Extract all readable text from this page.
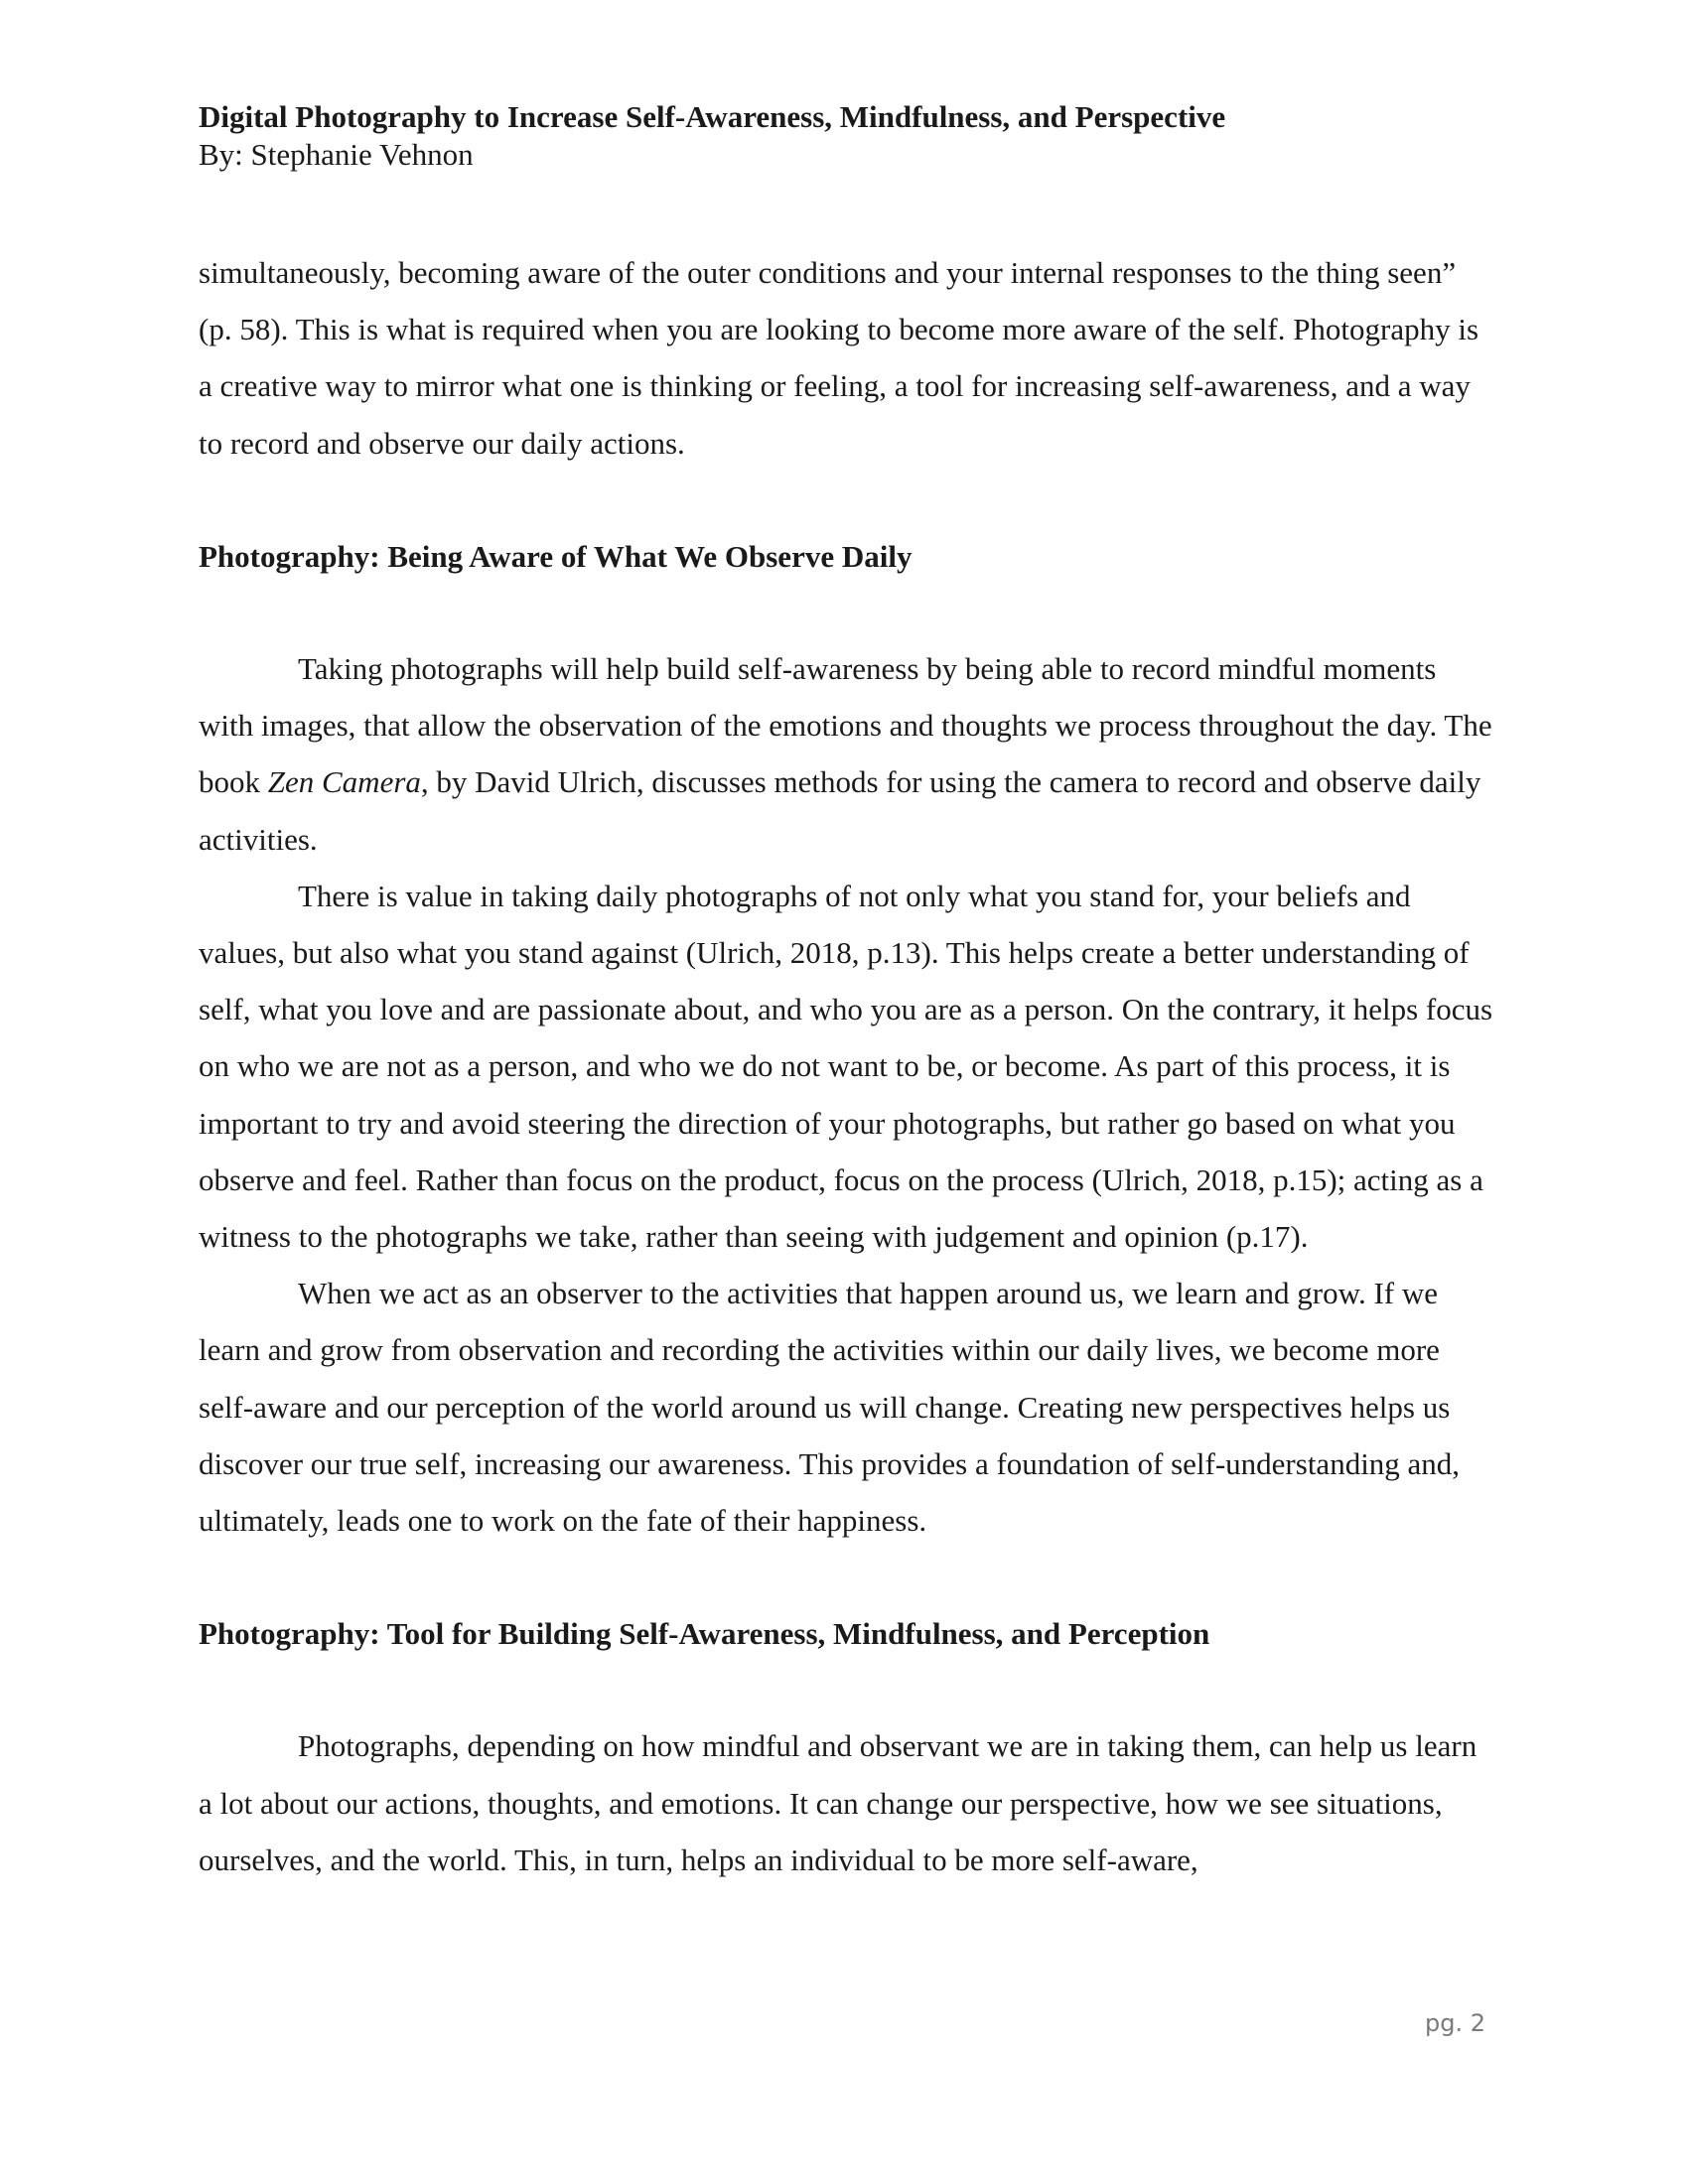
Digital Photography to Increase Self-Awareness, Mindfulness, and Perspective

By: Stephanie Vehnon

simultaneously, becoming aware of the outer conditions and your internal responses to the thing seen” (p. 58). This is what is required when you are looking to become more aware of the self. Photography is a creative way to mirror what one is thinking or feeling, a tool for increasing self-awareness, and a way to record and observe our daily actions.

Photography: Being Aware of What We Observe Daily

Taking photographs will help build self-awareness by being able to record mindful moments with images, that allow the observation of the emotions and thoughts we process throughout the day. The book Zen Camera, by David Ulrich, discusses methods for using the camera to record and observe daily activities.

There is value in taking daily photographs of not only what you stand for, your beliefs and values, but also what you stand against (Ulrich, 2018, p.13). This helps create a better understanding of self, what you love and are passionate about, and who you are as a person. On the contrary, it helps focus on who we are not as a person, and who we do not want to be, or become. As part of this process, it is important to try and avoid steering the direction of your photographs, but rather go based on what you observe and feel. Rather than focus on the product, focus on the process (Ulrich, 2018, p.15); acting as a witness to the photographs we take, rather than seeing with judgement and opinion (p.17).

When we act as an observer to the activities that happen around us, we learn and grow. If we learn and grow from observation and recording the activities within our daily lives, we become more self-aware and our perception of the world around us will change. Creating new perspectives helps us discover our true self, increasing our awareness. This provides a foundation of self-understanding and, ultimately, leads one to work on the fate of their happiness.

Photography: Tool for Building Self-Awareness, Mindfulness, and Perception

Photographs, depending on how mindful and observant we are in taking them, can help us learn a lot about our actions, thoughts, and emotions. It can change our perspective, how we see situations, ourselves, and the world. This, in turn, helps an individual to be more self-aware,

pg. 2
